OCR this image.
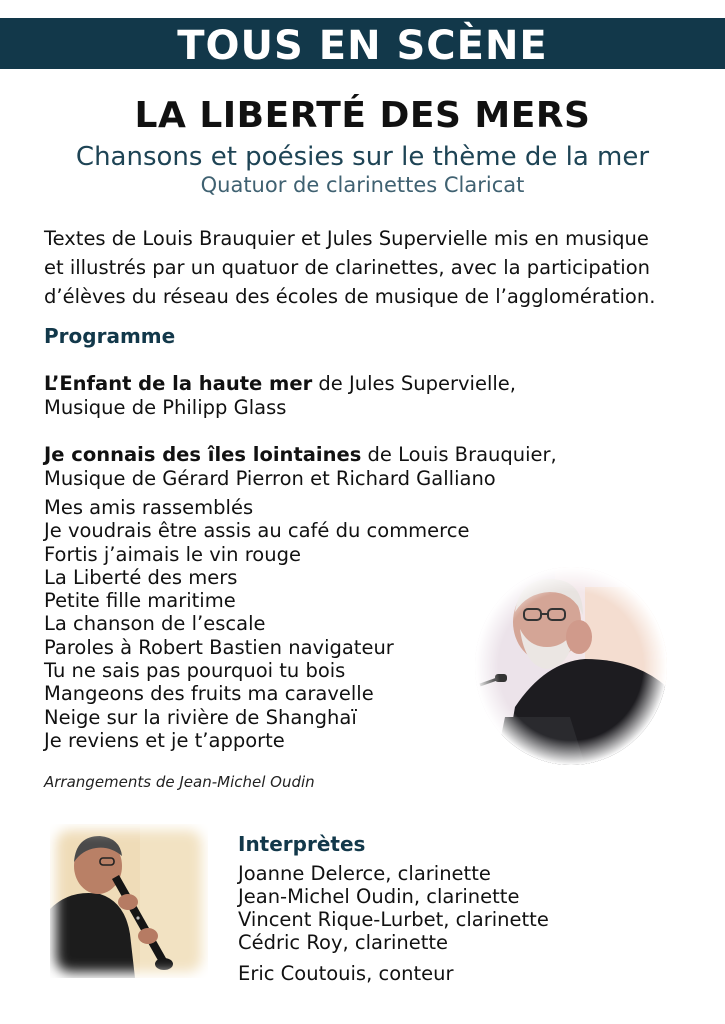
TOUS EN SCÈNE
LA LIBERTÉ DES MERS
Chansons et poésies sur le thème de la mer
Quatuor de clarinettes Claricat
Textes de Louis Brauquier et Jules Supervielle mis en musique
et illustrés par un quatuor de clarinettes, avec la participation
d’élèves du réseau des écoles de musique de l’agglomération.
Programme
L’Enfant de la haute mer de Jules Supervielle,
Musique de Philipp Glass
Je connais des îles lointaines de Louis Brauquier,
Musique de Gérard Pierron et Richard Galliano
Mes amis rassemblés
Je voudrais être assis au café du commerce
Fortis j’aimais le vin rouge
La Liberté des mers
Petite fille maritime
La chanson de l’escale
Paroles à Robert Bastien navigateur
Tu ne sais pas pourquoi tu bois
Mangeons des fruits ma caravelle
Neige sur la rivière de Shanghaï
Je reviens et je t’apporte
Arrangements de Jean-Michel Oudin
Interprètes
Joanne Delerce, clarinette
Jean-Michel Oudin, clarinette
Vincent Rique-Lurbet, clarinette
Cédric Roy, clarinette
Eric Coutouis, conteur
